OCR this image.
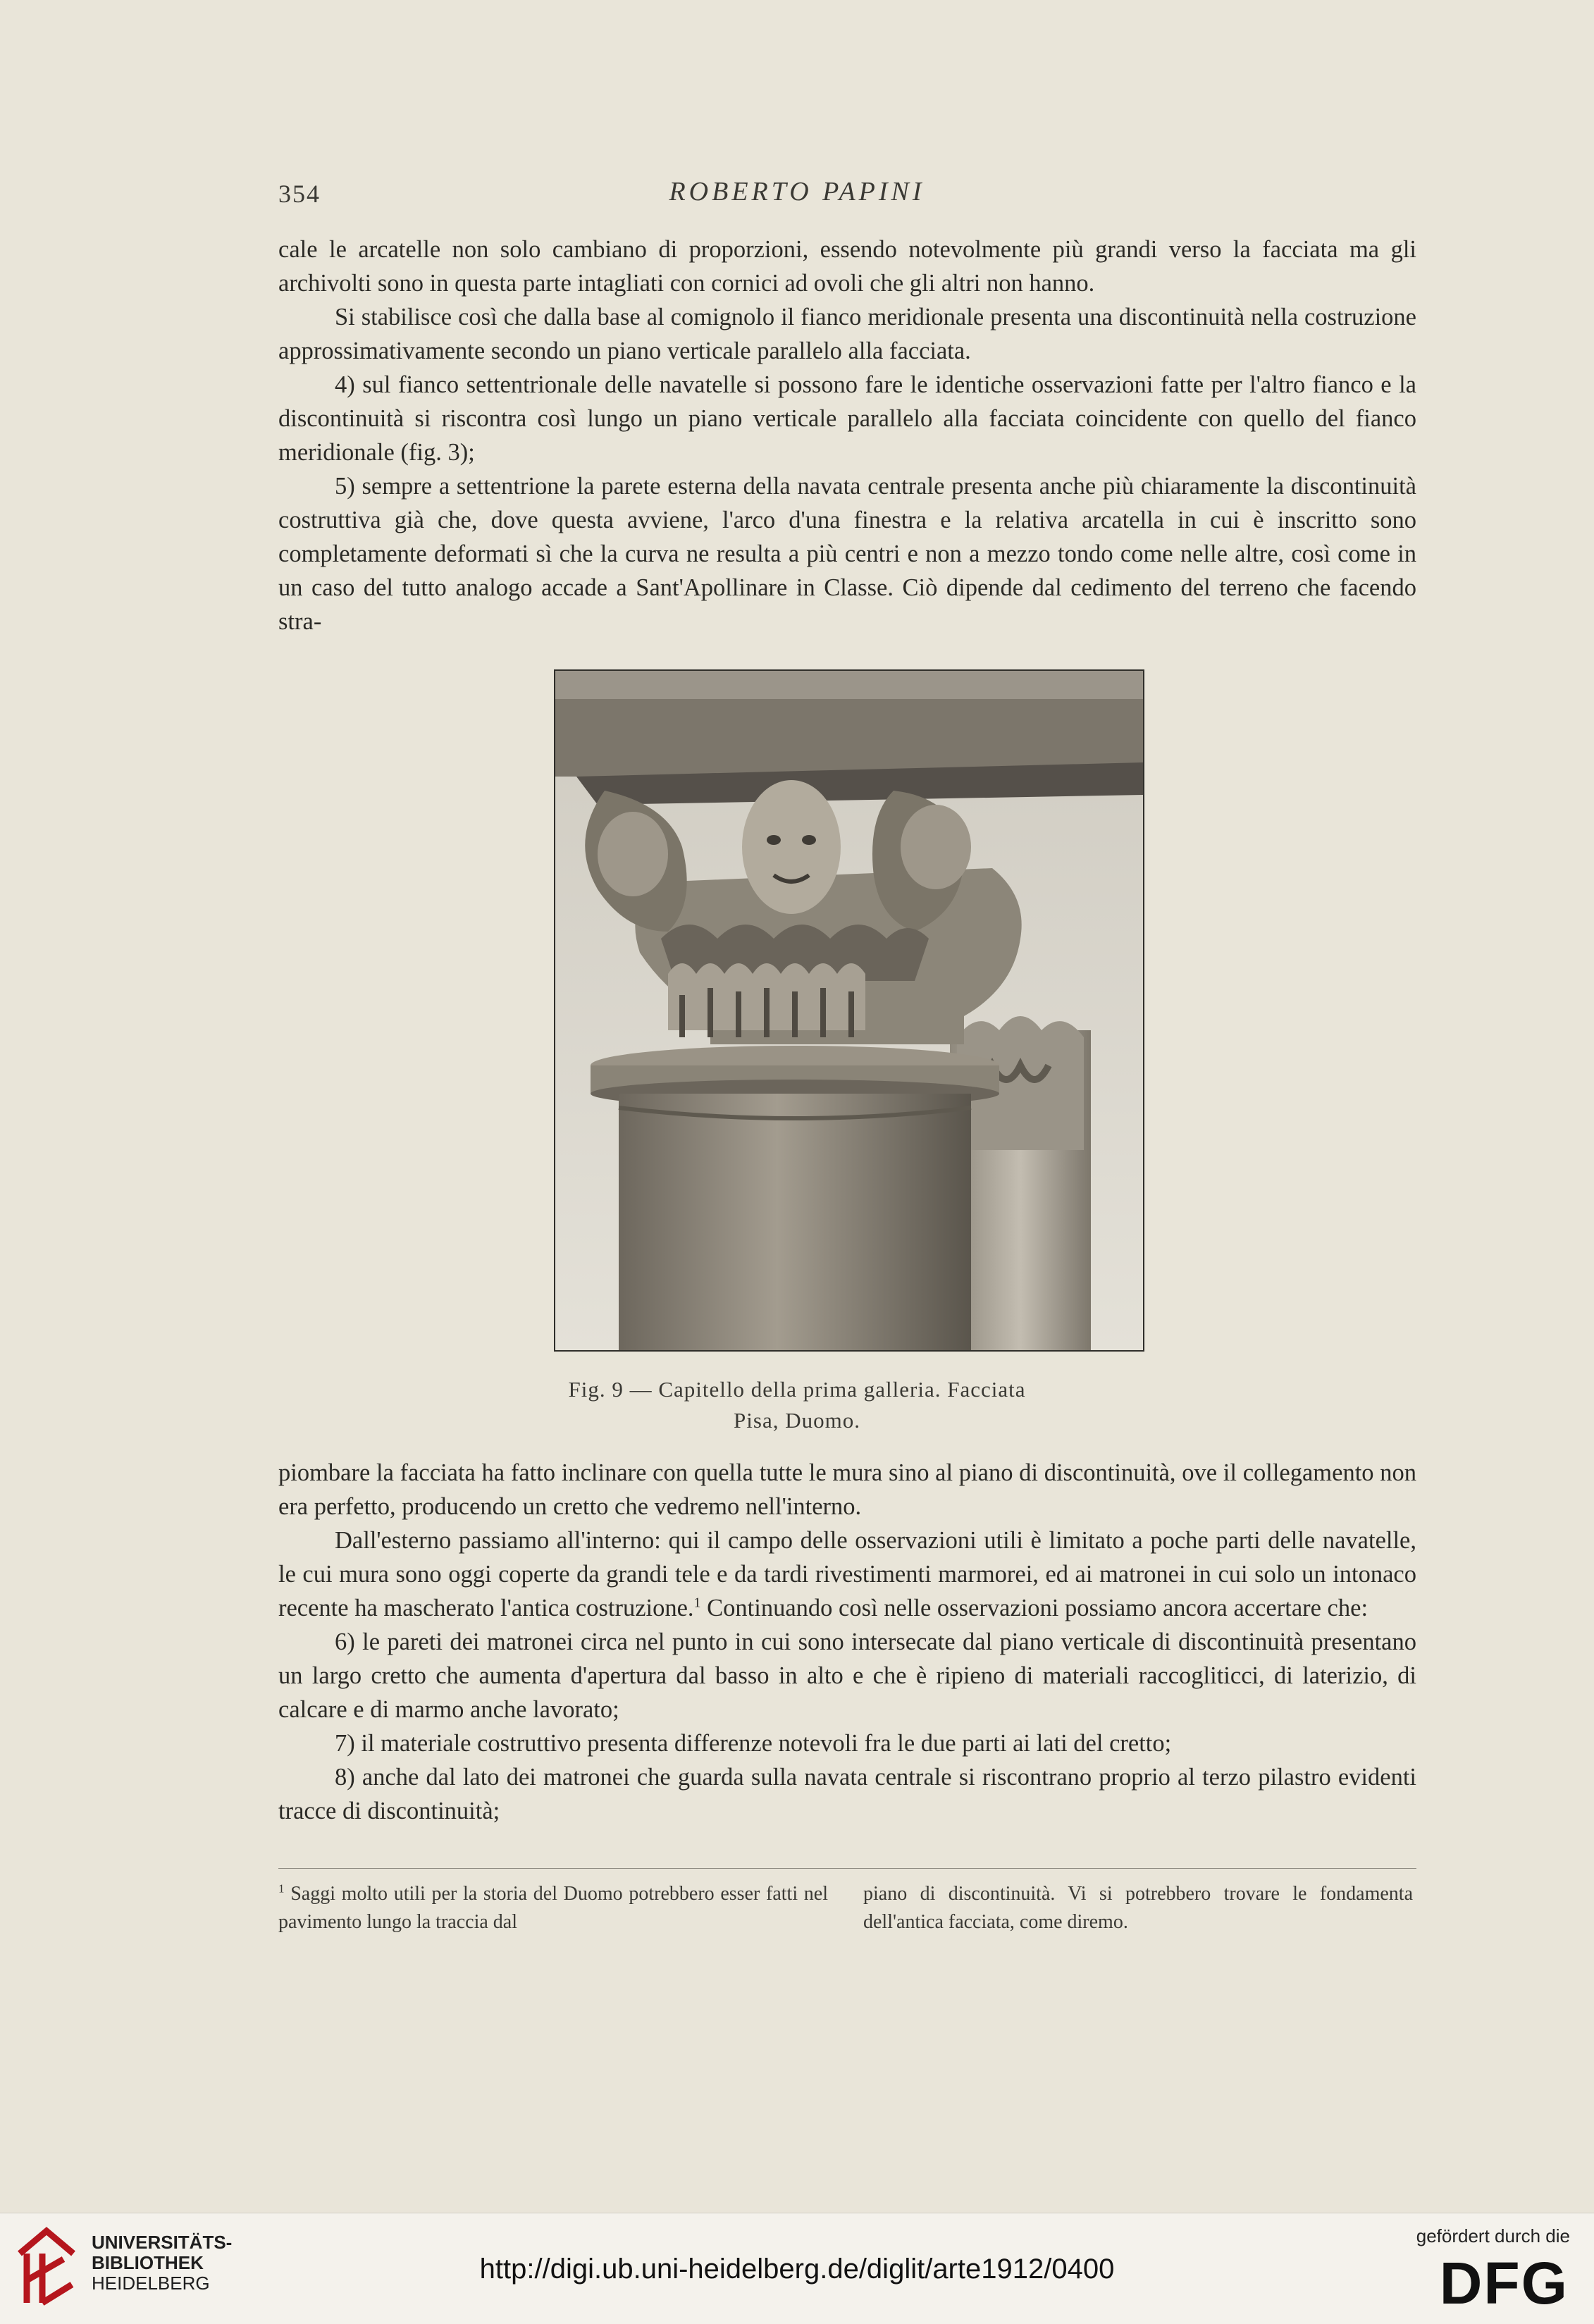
354	ROBERTO PAPINI

cale le arcatelle non solo cambiano di proporzioni, essendo notevolmente più grandi verso la facciata ma gli archivolti sono in questa parte intagliati con cornici ad ovoli che gli altri non hanno.

Si stabilisce così che dalla base al comignolo il fianco meridionale presenta una discontinuità nella costruzione approssimativamente secondo un piano verticale parallelo alla facciata.

4) sul fianco settentrionale delle navatelle si possono fare le identiche osservazioni fatte per l'altro fianco e la discontinuità si riscontra così lungo un piano verticale parallelo alla facciata coincidente con quello del fianco meridionale (fig. 3);

5) sempre a settentrione la parete esterna della navata centrale presenta anche più chiaramente la discontinuità costruttiva già che, dove questa avviene, l'arco d'una finestra e la relativa arcatella in cui è inscritto sono completamente deformati sì che la curva ne resulta a più centri e non a mezzo tondo come nelle altre, così come in un caso del tutto analogo accade a Sant'Apollinare in Classe. Ciò dipende dal cedimento del terreno che facendo stra-

Fig. 9 — Capitello della prima galleria. Facciata
Pisa, Duomo.

piombare la facciata ha fatto inclinare con quella tutte le mura sino al piano di discontinuità, ove il collegamento non era perfetto, producendo un cretto che vedremo nell'interno.

Dall'esterno passiamo all'interno: qui il campo delle osservazioni utili è limitato a poche parti delle navatelle, le cui mura sono oggi coperte da grandi tele e da tardi rivestimenti marmorei, ed ai matronei in cui solo un intonaco recente ha mascherato l'antica costruzione.$^1$ Continuando così nelle osservazioni possiamo ancora accertare che:

6) le pareti dei matronei circa nel punto in cui sono intersecate dal piano verticale di discontinuità presentano un largo cretto che aumenta d'apertura dal basso in alto e che è ripieno di materiali raccogliticci, di laterizio, di calcare e di marmo anche lavorato;

7) il materiale costruttivo presenta differenze notevoli fra le due parti ai lati del cretto;

8) anche dal lato dei matronei che guarda sulla navata centrale si riscontrano proprio al terzo pilastro evidenti tracce di discontinuità;

$^1$ Saggi molto utili per la storia del Duomo potrebbero esser fatti nel pavimento lungo la traccia dal
piano di discontinuità. Vi si potrebbero trovare le fondamenta dell'antica facciata, come diremo.
UNIVERSITÄTS-
BIBLIOTHEK
HEIDELBERG	http://digi.ub.uni-heidelberg.de/diglit/arte1912/0400
gefördert durch die
DFG
